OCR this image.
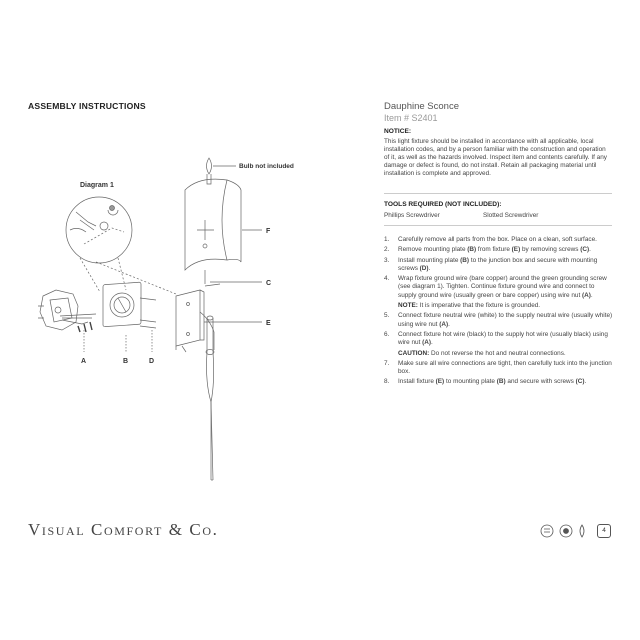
ASSEMBLY INSTRUCTIONS	Dauphine Sconce
Item # S2401
NOTICE:
This light fixture should be installed in accordance with all applicable, local installation codes, and by a person familiar with the construction and operation of it, as well as the hazards involved. Inspect item and contents carefully. If any damage or defect is found, do not install. Retain all packaging material until installation is complete and approved.
TOOLS REQUIRED (NOT INCLUDED):
Phillips Screwdriver	Slotted Screwdriver
1.	Carefully remove all parts from the box. Place on a clean, soft surface.
2.	Remove mounting plate (B) from fixture (E) by removing screws (C).
3.	Install mounting plate (B) to the junction box and secure with mounting screws (D).
4.	Wrap fixture ground wire (bare copper) around the green grounding screw (see diagram 1). Tighten. Continue fixture ground wire and connect to supply ground wire (usually green or bare copper) using wire nut (A).
NOTE: It is imperative that the fixture is grounded.
5.	Connect fixture neutral wire (white) to the supply neutral wire (usually white) using wire nut (A).
6.	Connect fixture hot wire (black) to the supply hot wire (usually black) using wire nut (A).
CAUTION: Do not reverse the hot and neutral connections.
7.	Make sure all wire connections are tight, then carefully tuck into the junction box.
8.	Install fixture (E) to mounting plate (B) and secure with screws (C).
Bulb not included
Diagram 1
A	B
C
D
E
F
Visual Comfort & Co.	4
